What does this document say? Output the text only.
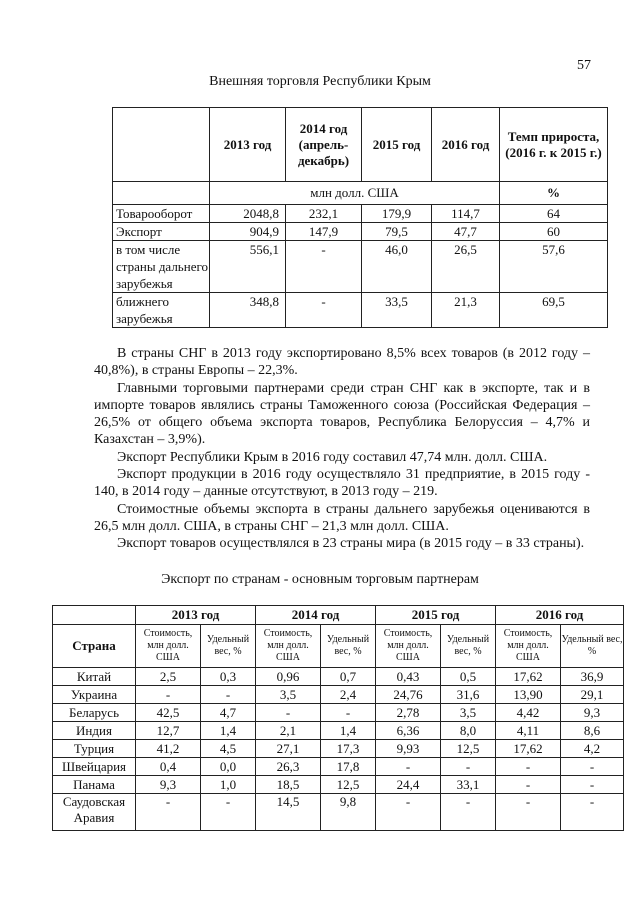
57
Внешняя торговля Республики Крым
	2013 год	2014 год (апрель-декабрь)	2015 год	2016 год	Темп прироста, (2016 г. к 2015 г.)
	млн долл. США				%
Товарооборот	2048,8	232,1	179,9	114,7	64
Экспорт	904,9	147,9	79,5	47,7	60
в том числе страны дальнего зарубежья	556,1	-	46,0	26,5	57,6
ближнего зарубежья	348,8	-	33,5	21,3	69,5

В страны СНГ в 2013 году экспортировано 8,5% всех товаров (в 2012 году – 40,8%), в страны Европы – 22,3%.

Главными торговыми партнерами среди стран СНГ как в экспорте, так и в импорте товаров являлись страны Таможенного союза (Российская Федерация – 26,5% от общего объема экспорта товаров, Республика Белоруссия – 4,7% и Казахстан – 3,9%).

Экспорт Республики Крым в 2016 году составил 47,74 млн. долл. США.

Экспорт продукции в 2016 году осуществляло 31 предприятие, в 2015 году - 140, в 2014 году – данные отсутствуют, в 2013 году – 219.

Стоимостные объемы экспорта в страны дальнего зарубежья оцениваются в 26,5 млн долл. США, в страны СНГ – 21,3 млн долл. США.

Экспорт товаров осуществлялся в 23 страны мира (в 2015 году – в 33 страны).

Экспорт по странам - основным торговым партнерам
	2013 год		2014 год		2015 год		2016 год	
Страна	Стоимость, млн долл. США	Удельный вес, %	Стоимость, млн долл. США	Удельный вес, %	Стоимость, млн долл. США	Удельный вес, %	Стоимость, млн долл. США	Удельный вес, %
Китай	2,5	0,3	0,96	0,7	0,43	0,5	17,62	36,9
Украина	-	-	3,5	2,4	24,76	31,6	13,90	29,1
Беларусь	42,5	4,7	-	-	2,78	3,5	4,42	9,3
Индия	12,7	1,4	2,1	1,4	6,36	8,0	4,11	8,6
Турция	41,2	4,5	27,1	17,3	9,93	12,5	17,62	4,2
Швейцария	0,4	0,0	26,3	17,8	-	-	-	-
Панама	9,3	1,0	18,5	12,5	24,4	33,1	-	-
Саудовская Аравия	-	-	14,5	9,8	-	-	-	-
